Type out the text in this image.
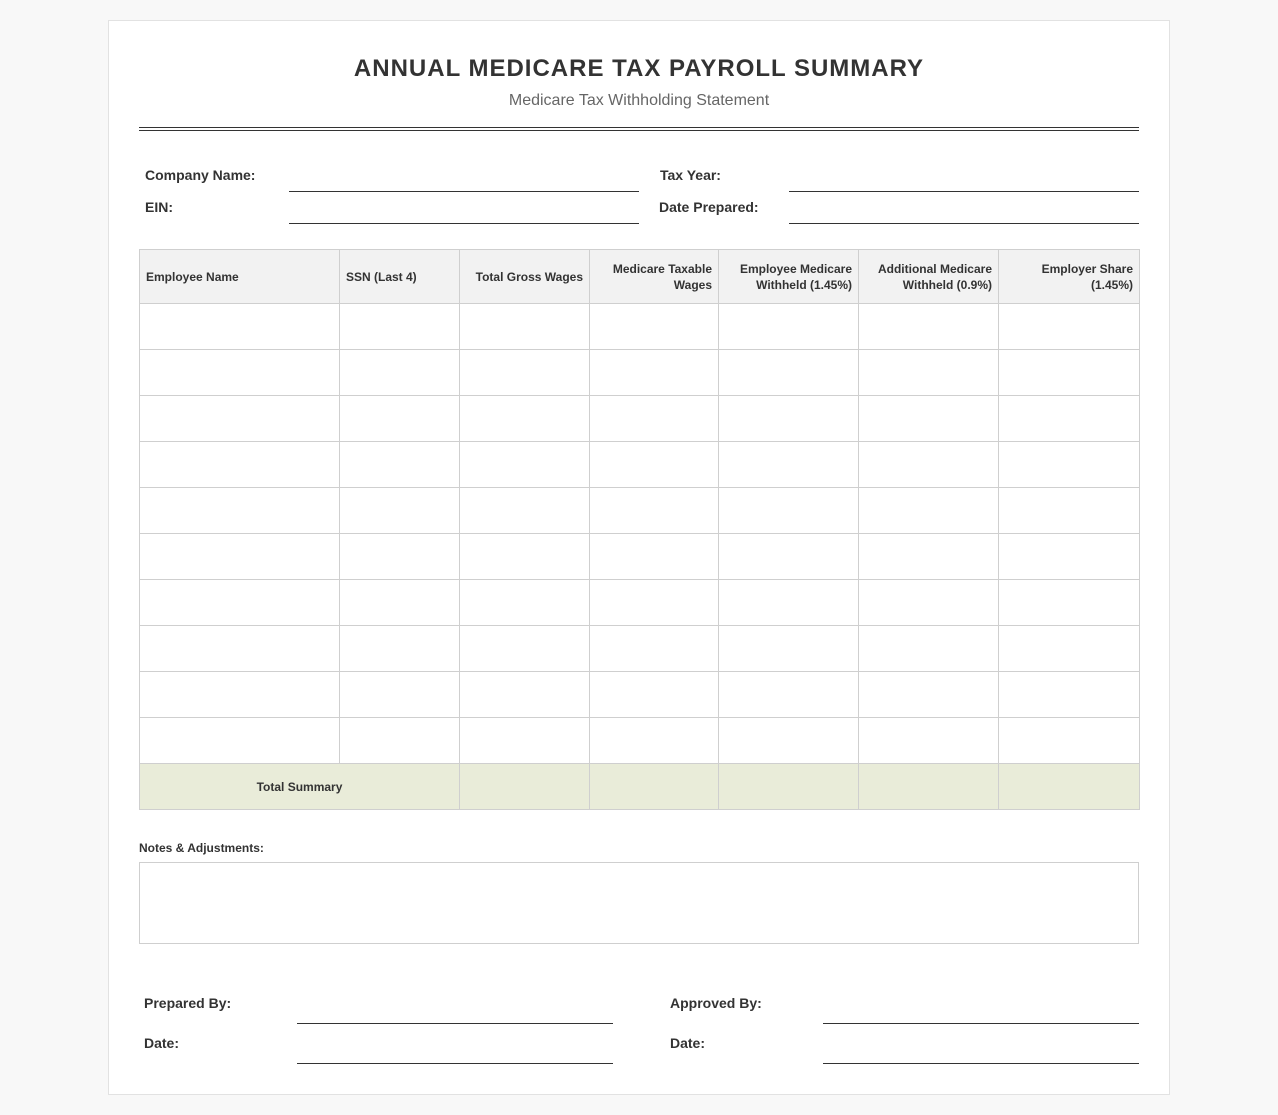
ANNUAL MEDICARE TAX PAYROLL SUMMARY
Medicare Tax Withholding Statement
Company Name:	Tax Year:
EIN:	Date Prepared:
Employee Name	SSN (Last 4)	Total Gross Wages	Medicare Taxable Wages	Employee Medicare Withheld (1.45%)	Additional Medicare Withheld (0.9%)	Employer Share (1.45%)

Total Summary						
Notes & Adjustments:
Prepared By:	Approved By:
Date:	Date:
